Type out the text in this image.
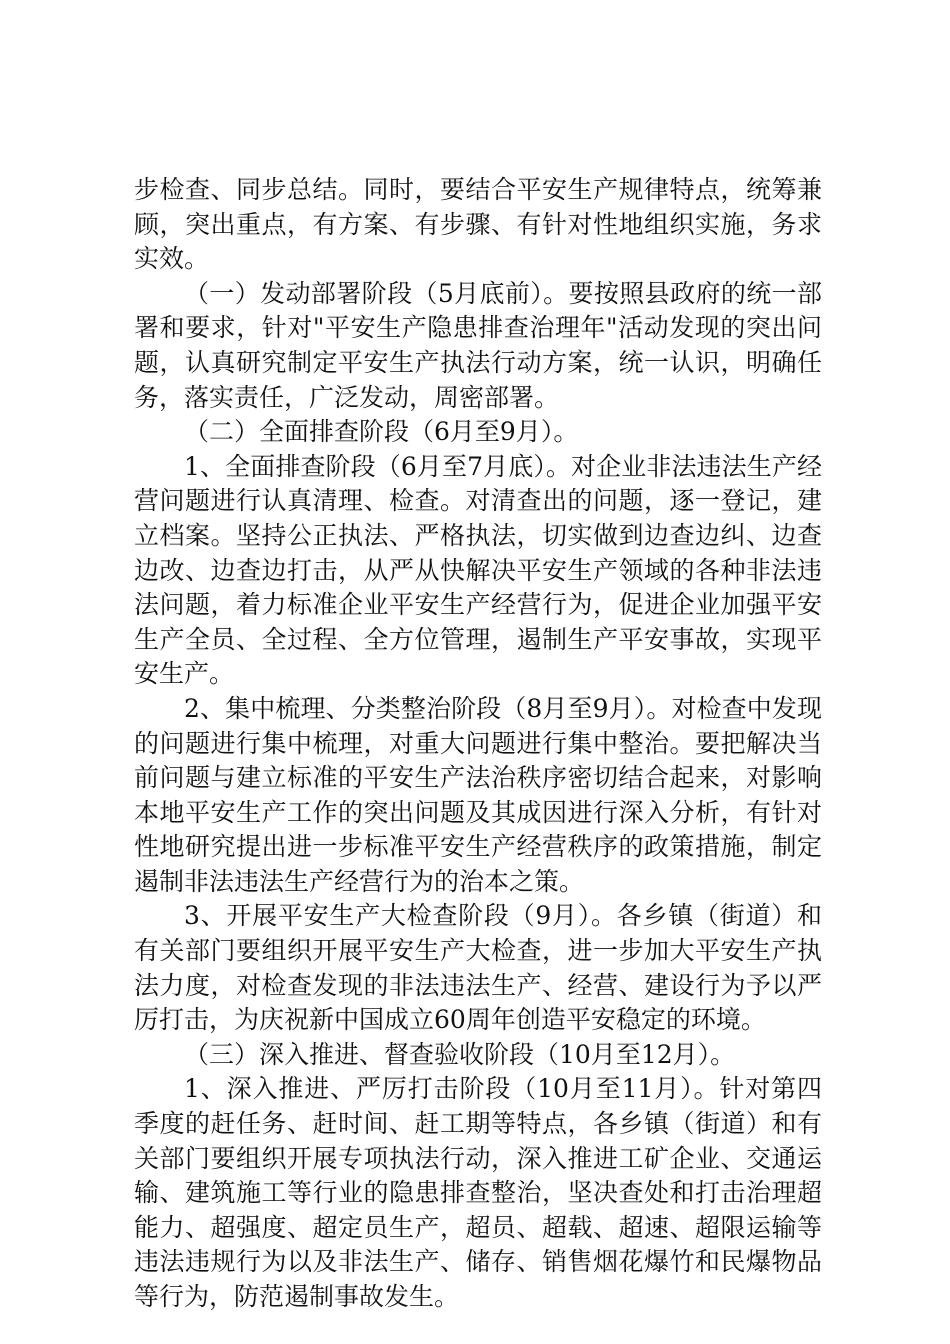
步检查、同步总结。同时，要结合平安生产规律特点，统筹兼顾，突出重点，有方案、有步骤、有针对性地组织实施，务求实效。

（一）发动部署阶段（5月底前）。要按照县政府的统一部署和要求，针对"平安生产隐患排查治理年"活动发现的突出问题，认真研究制定平安生产执法行动方案，统一认识，明确任务，落实责任，广泛发动，周密部署。

（二）全面排查阶段（6月至9月）。

1、全面排查阶段（6月至7月底）。对企业非法违法生产经营问题进行认真清理、检查。对清查出的问题，逐一登记，建立档案。坚持公正执法、严格执法，切实做到边查边纠、边查边改、边查边打击，从严从快解决平安生产领域的各种非法违法问题，着力标准企业平安生产经营行为，促进企业加强平安生产全员、全过程、全方位管理，遏制生产平安事故，实现平安生产。

2、集中梳理、分类整治阶段（8月至9月）。对检查中发现的问题进行集中梳理，对重大问题进行集中整治。要把解决当前问题与建立标准的平安生产法治秩序密切结合起来，对影响本地平安生产工作的突出问题及其成因进行深入分析，有针对性地研究提出进一步标准平安生产经营秩序的政策措施，制定遏制非法违法生产经营行为的治本之策。

3、开展平安生产大检查阶段（9月）。各乡镇（街道）和有关部门要组织开展平安生产大检查，进一步加大平安生产执法力度，对检查发现的非法违法生产、经营、建设行为予以严厉打击，为庆祝新中国成立60周年创造平安稳定的环境。

（三）深入推进、督查验收阶段（10月至12月）。

1、深入推进、严厉打击阶段（10月至11月）。针对第四季度的赶任务、赶时间、赶工期等特点，各乡镇（街道）和有关部门要组织开展专项执法行动，深入推进工矿企业、交通运输、建筑施工等行业的隐患排查整治，坚决查处和打击治理超能力、超强度、超定员生产，超员、超载、超速、超限运输等违法违规行为以及非法生产、储存、销售烟花爆竹和民爆物品等行为，防范遏制事故发生。
